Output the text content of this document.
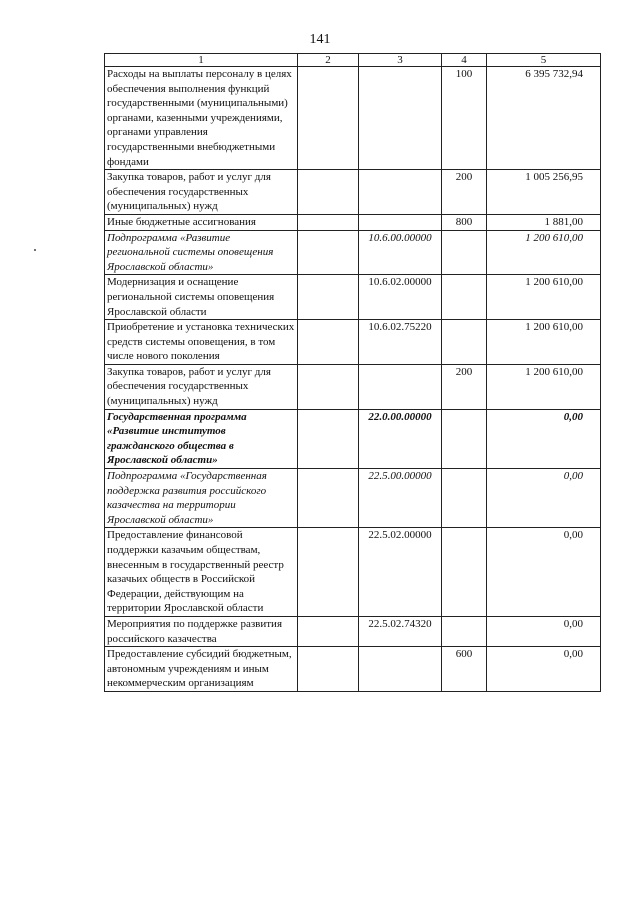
141
1	2	3	4	5
Расходы на выплаты персоналу в целях обеспечения выполнения функций государственными (муниципальными) органами, казенными учреждениями, органами управления государственными внебюджетными фондами			100	6 395 732,94
Закупка товаров, работ и услуг для обеспечения государственных (муниципальных) нужд			200	1 005 256,95
Иные бюджетные ассигнования			800	1 881,00
Подпрограмма «Развитие региональной системы оповещения Ярославской области»		10.6.00.00000		1 200 610,00
Модернизация и оснащение региональной системы оповещения Ярославской области		10.6.02.00000		1 200 610,00
Приобретение и установка технических средств системы оповещения, в том числе нового поколения		10.6.02.75220		1 200 610,00
Закупка товаров, работ и услуг для обеспечения государственных (муниципальных) нужд			200	1 200 610,00
Государственная программа «Развитие институтов гражданского общества в Ярославской области»		22.0.00.00000		0,00
Подпрограмма «Государственная поддержка развития российского казачества на территории Ярославской области»		22.5.00.00000		0,00
Предоставление финансовой поддержки казачьим обществам, внесенным в государственный реестр казачьих обществ в Российской Федерации, действующим на территории Ярославской области		22.5.02.00000		0,00
Мероприятия по поддержке развития российского казачества		22.5.02.74320		0,00
Предоставление субсидий бюджетным, автономным учреждениям и иным некоммерческим организациям			600	0,00
